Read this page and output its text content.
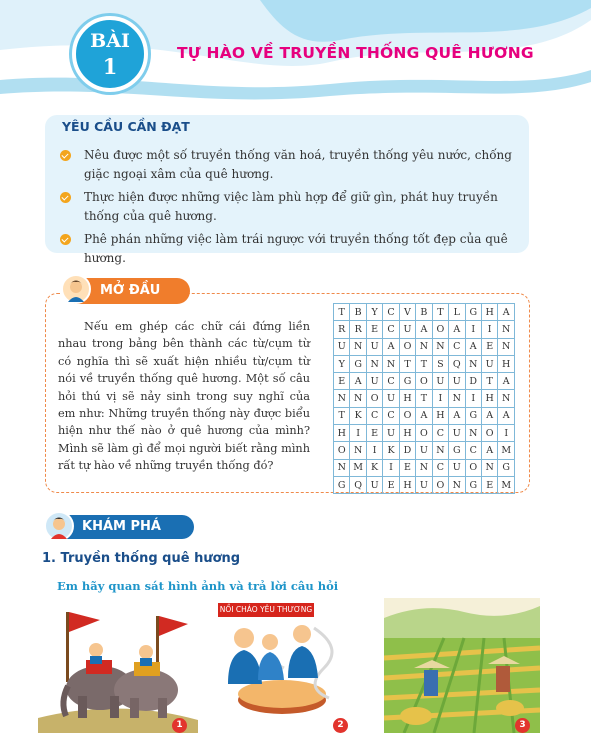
BÀI
1
TỰ HÀO VỀ TRUYỀN THỐNG QUÊ HƯƠNG
YÊU CẦU CẦN ĐẠT
Nêu được một số truyền thống văn hoá, truyền thống yêu nước, chống giặc ngoại xâm của quê hương.
Thực hiện được những việc làm phù hợp để giữ gìn, phát huy truyền thống của quê hương.
Phê phán những việc làm trái ngược với truyền thống tốt đẹp của quê hương.
MỞ ĐẦU
Nếu em ghép các chữ cái đứng liền nhau trong bảng bên thành các từ/cụm từ có nghĩa thì sẽ xuất hiện nhiều từ/cụm từ nói về truyền thống quê hương. Một số câu hỏi thú vị sẽ nảy sinh trong suy nghĩ của em như: Những truyền thống này được biểu hiện như thế nào ở quê hương của mình? Mình sẽ làm gì để mọi người biết rằng mình rất tự hào về những truyền thống đó?
T	B	Y	C	V	B	T	L	G	H	A
R	R	E	C	U	A	O	A	I	I	N
U	N	U	A	O	N	N	C	A	E	N
Y	G	N	N	T	T	S	Q	N	U	H
E	A	U	C	G	O	U	U	D	T	A
N	N	O	U	H	T	I	N	I	H	N
T	K	C	C	O	A	H	A	G	A	A
H	I	E	U	H	O	C	U	N	O	I
O	N	I	K	D	U	N	G	C	A	M
N	M	K	I	E	N	C	U	O	N	G
G	Q	U	E	H	U	O	N	G	E	M
KHÁM PHÁ
1. Truyền thống quê hương
Em hãy quan sát hình ảnh và trả lời câu hỏi
1
NỒI CHÁO YÊU THƯƠNG
2	3
